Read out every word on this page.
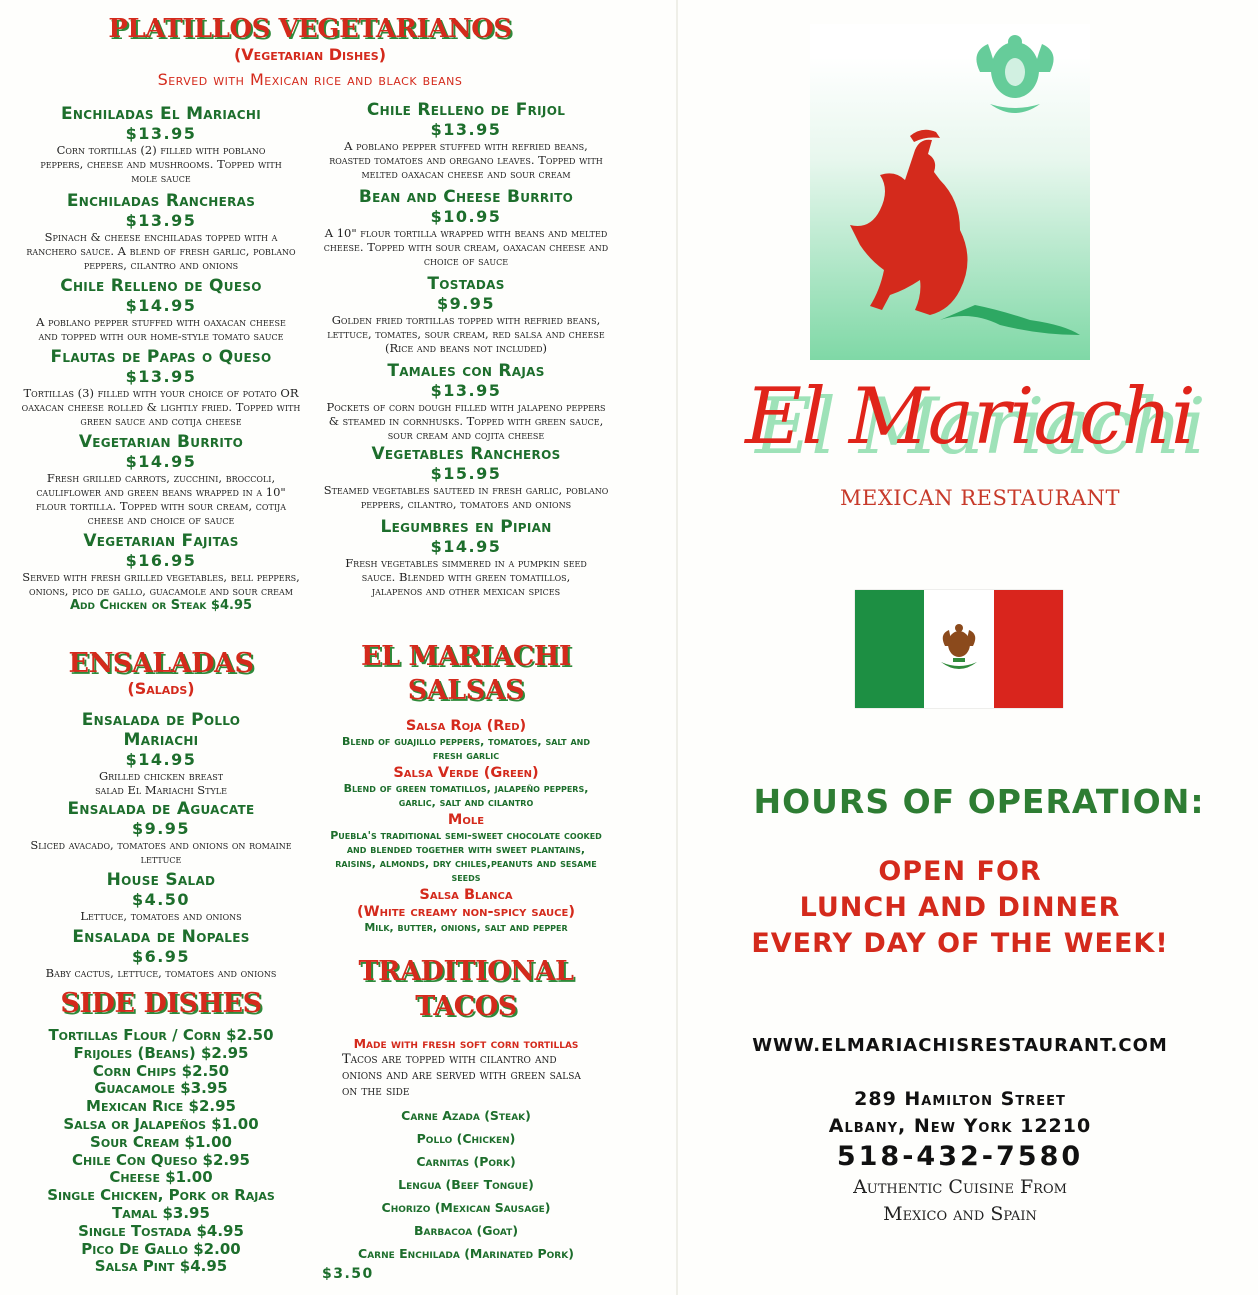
PLATILLOS VEGETARIANOS
(Vegetarian Dishes)
Served with Mexican rice and black beans
Enchiladas El Mariachi
$13.95
Corn tortillas (2) filled with poblano peppers, cheese and mushrooms. Topped with mole sauce
Enchiladas Rancheras
$13.95
Spinach & cheese enchiladas topped with a ranchero sauce. A blend of fresh garlic, poblano peppers, cilantro and onions
Chile Relleno de Queso
$14.95
A poblano pepper stuffed with oaxacan cheese and topped with our home-style tomato sauce
Flautas de Papas o Queso
$13.95
Tortillas (3) filled with your choice of potato OR oaxacan cheese rolled & lightly fried. Topped with green sauce and cotija cheese
Vegetarian Burrito
$14.95
Fresh grilled carrots, zucchini, broccoli, cauliflower and green beans wrapped in a 10" flour tortilla. Topped with sour cream, cotija cheese and choice of sauce
Vegetarian Fajitas
$16.95
Served with fresh grilled vegetables, bell peppers, onions, pico de gallo, guacamole and sour cream
Add Chicken or Steak $4.95
Chile Relleno de Frijol
$13.95
A poblano pepper stuffed with refried beans, roasted tomatoes and oregano leaves. Topped with melted oaxacan cheese and sour cream
Bean and Cheese Burrito
$10.95
A 10" flour tortilla wrapped with beans and melted cheese. Topped with sour cream, oaxacan cheese and choice of sauce
Tostadas
$9.95
Golden fried tortillas topped with refried beans, lettuce, tomates, sour cream, red salsa and cheese (Rice and beans not included)
Tamales con Rajas
$13.95
Pockets of corn dough filled with jalapeno peppers & steamed in cornhusks. Topped with green sauce, sour cream and cojita cheese
Vegetables Rancheros
$15.95
Steamed vegetables sauteed in fresh garlic, poblano peppers, cilantro, tomatoes and onions
Legumbres en Pipian
$14.95
Fresh vegetables simmered in a pumpkin seed sauce. Blended with green tomatillos, jalapenos and other mexican spices
ENSALADAS
(Salads)
Ensalada de Pollo Mariachi
$14.95
Grilled chicken breast salad El Mariachi Style
Ensalada de Aguacate
$9.95
Sliced avacado, tomatoes and onions on romaine lettuce
House Salad
$4.50
Lettuce, tomatoes and onions
Ensalada de Nopales
$6.95
Baby cactus, lettuce, tomatoes and onions
EL MARIACHI
SALSAS
Salsa Roja (Red)
Blend of guajillo peppers, tomatoes, salt and fresh garlic
Salsa Verde (Green)
Blend of green tomatillos, jalapeño peppers, garlic, salt and cilantro
Mole
Puebla's traditional semi-sweet chocolate cooked and blended together with sweet plantains, raisins, almonds, dry chiles,peanuts and sesame seeds
Salsa Blanca
(White creamy non-spicy sauce)
Milk, butter, onions, salt and pepper
SIDE DISHES
Tortillas Flour / Corn $2.50
Frijoles (Beans) $2.95
Corn Chips $2.50
Guacamole $3.95
Mexican Rice $2.95
Salsa or Jalapeños $1.00
Sour Cream $1.00
Chile Con Queso $2.95
Cheese $1.00
Single Chicken, Pork or Rajas
Tamal $3.95
Single Tostada $4.95
Pico De Gallo $2.00
Salsa Pint $4.95
TRADITIONAL
TACOS
Made with fresh soft corn tortillas
Tacos are topped with cilantro and onions and are served with green salsa on the side
Carne Azada (Steak)
Pollo (Chicken)
Carnitas (Pork)
Lengua (Beef Tongue)
Chorizo (Mexican Sausage)
Barbacoa (Goat)
Carne Enchilada (Marinated Pork)
$3.50
El Mariachi
MEXICAN RESTAURANT
HOURS OF OPERATION:
OPEN FOR
LUNCH AND DINNER
EVERY DAY OF THE WEEK!
WWW.ELMARIACHISRESTAURANT.COM
289 Hamilton Street
Albany, New York 12210
518-432-7580
Authentic Cuisine From
Mexico and Spain
